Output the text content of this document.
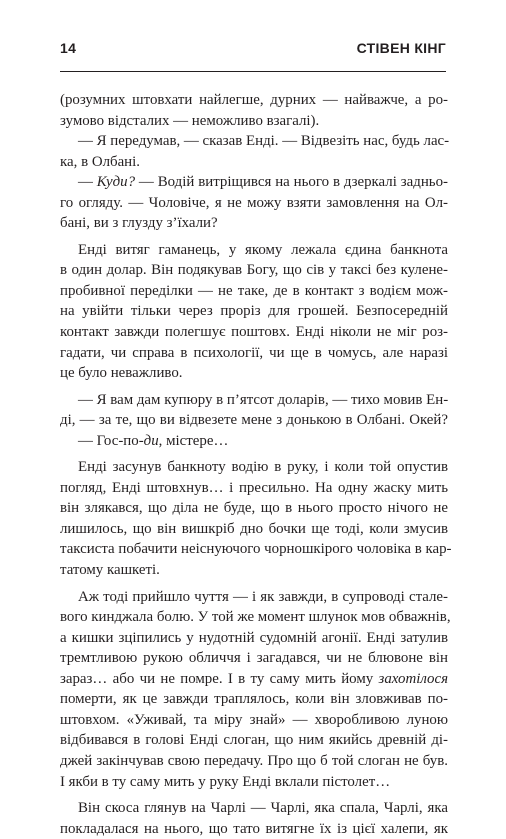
14	СТІВЕН КІНГ
(розумних штовхати найлегше, дурних — найважче, а ро-
зумово відсталих — неможливо взагалі).
— Я передумав, — сказав Енді. — Відвезіть нас, будь лас-
ка, в Олбані.
— Куди? — Водій витріщився на нього в дзеркалі задньо-
го огляду. — Чоловіче, я не можу взяти замовлення на Ол-
бані, ви з глузду з’їхали?
Енді витяг гаманець, у якому лежала єдина банкнота
в один долар. Він подякував Богу, що сів у таксі без кулене-
пробивної переділки — не таке, де в контакт з водієм мож-
на увійти тільки через проріз для грошей. Безпосередній
контакт завжди полегшує поштовх. Енді ніколи не міг роз-
гадати, чи справа в психології, чи ще в чомусь, але наразі
це було неважливо.
— Я вам дам купюру в п’ятсот доларів, — тихо мовив Ен-
ді, — за те, що ви відвезете мене з донькою в Олбані. Окей?
— Гос-по-ди, містере…
Енді засунув банкноту водію в руку, і коли той опустив
погляд, Енді штовхнув… і пресильно. На одну жаску мить
він злякався, що діла не буде, що в нього просто нічого не
лишилось, що він вишкріб дно бочки ще тоді, коли змусив
таксиста побачити неіснуючого чорношкірого чоловіка в кар-
татому кашкеті.
Аж тоді прийшло чуття — і як завжди, в супроводі стале-
вого кинджала болю. У той же момент шлунок мов обважнів,
а кишки зціпились у нудотній судомній агонії. Енді затулив
тремтливою рукою обличчя і загадався, чи не блювоне він
зараз… або чи не помре. І в ту саму мить йому захотілося
померти, як це завжди траплялось, коли він зловживав по-
штовхом. «Уживай, та міру знай» — хворобливою луною
відбивався в голові Енді слоган, що ним якийсь древній ді-
джей закінчував свою передачу. Про що б той слоган не був.
І якби в ту саму мить у руку Енді вклали пістолет…
Він скоса глянув на Чарлі — Чарлі, яка спала, Чарлі, яка
покладалася на нього, що тато витягне їх із цієї халепи, як
